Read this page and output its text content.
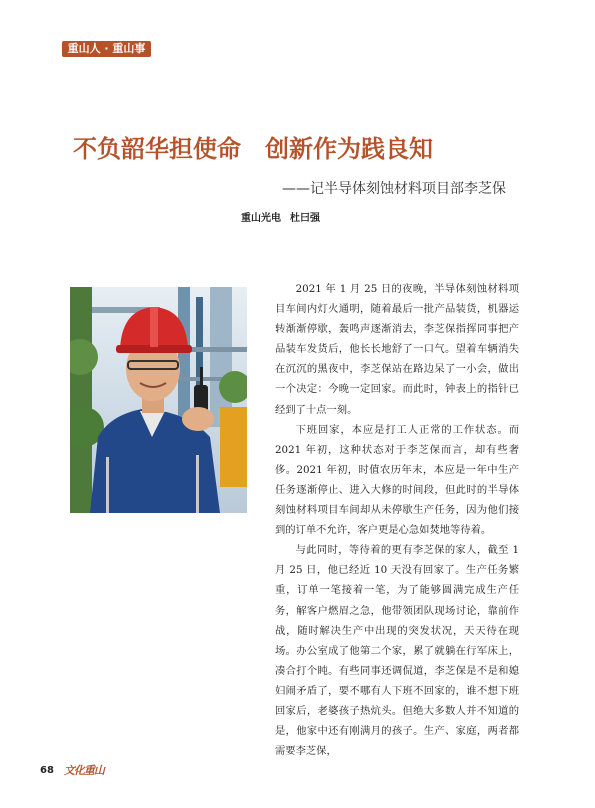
重山人 · 重山事
不负韶华担使命　创新作为践良知
——记半导体刻蚀材料项目部李芝保
重山光电 杜曰强

2021 年 1 月 25 日的夜晚，半导体刻蚀材料项目车间内灯火通明，随着最后一批产品装货，机器运转渐渐停歇，轰鸣声逐渐消去，李芝保指挥同事把产品装车发货后，他长长地舒了一口气。望着车辆消失在沉沉的黑夜中，李芝保站在路边呆了一小会，做出一个决定：今晚一定回家。而此时，钟表上的指针已经到了十点一刻。

下班回家，本应是打工人正常的工作状态。而 2021 年初，这种状态对于李芝保而言，却有些奢侈。2021 年初，时值农历年末，本应是一年中生产任务逐渐停止、进入大修的时间段，但此时的半导体刻蚀材料项目车间却从未停歇生产任务，因为他们接到的订单不允许，客户更是心急如焚地等待着。

与此同时，等待着的更有李芝保的家人，截至 1 月 25 日，他已经近 10 天没有回家了。生产任务繁重，订单一笔接着一笔，为了能够圆满完成生产任务，解客户燃眉之急，他带领团队现场讨论，靠前作战，随时解决生产中出现的突发状况，天天待在现场。办公室成了他第二个家，累了就躺在行军床上，凑合打个盹。有些同事还调侃道，李芝保是不是和媳妇闹矛盾了，要不哪有人下班不回家的，谁不想下班回家后，老婆孩子热炕头。但绝大多数人并不知道的是，他家中还有刚满月的孩子。生产、家庭，两者都需要李芝保，

68 文化重山
